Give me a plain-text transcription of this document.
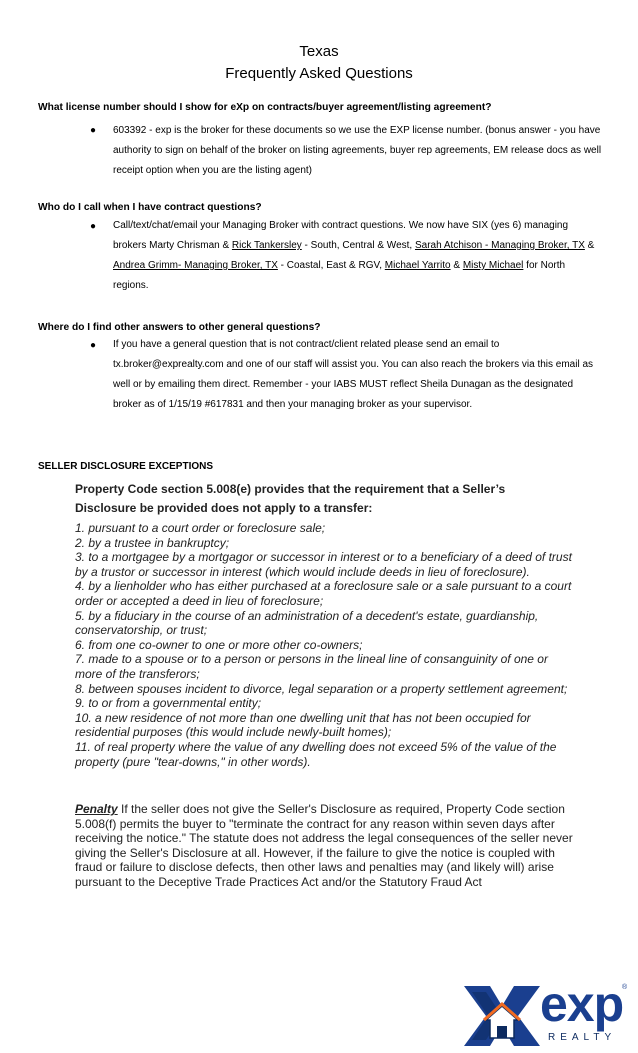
Texas
Frequently Asked Questions
What license number should I show for eXp on contracts/buyer agreement/listing agreement?
● 603392 - exp is the broker for these documents so we use the EXP license number. (bonus answer - you have authority to sign on behalf of the broker on listing agreements, buyer rep agreements, EM release docs as well receipt option when you are the listing agent)
Who do I call when I have contract questions?
● Call/text/chat/email your Managing Broker with contract questions. We now have SIX (yes 6) managing brokers Marty Chrisman & Rick Tankersley - South, Central & West, Sarah Atchison - Managing Broker, TX & Andrea Grimm- Managing Broker, TX - Coastal, East & RGV, Michael Yarrito & Misty Michael for North regions.
Where do I find other answers to other general questions?
● If you have a general question that is not contract/client related please send an email to tx.broker@exprealty.com and one of our staff will assist you. You can also reach the brokers via this email as well or by emailing them direct. Remember - your IABS MUST reflect Sheila Dunagan as the designated broker as of 1/15/19 #617831 and then your managing broker as your supervisor.
SELLER DISCLOSURE EXCEPTIONS
Property Code section 5.008(e) provides that the requirement that a Seller’s Disclosure be provided does not apply to a transfer:
1. pursuant to a court order or foreclosure sale;
2. by a trustee in bankruptcy;
3. to a mortgagee by a mortgagor or successor in interest or to a beneficiary of a deed of trust by a trustor or successor in interest (which would include deeds in lieu of foreclosure).
4. by a lienholder who has either purchased at a foreclosure sale or a sale pursuant to a court order or accepted a deed in lieu of foreclosure;
5. by a fiduciary in the course of an administration of a decedent's estate, guardianship, conservatorship, or trust;
6. from one co-owner to one or more other co-owners;
7. made to a spouse or to a person or persons in the lineal line of consanguinity of one or more of the transferors;
8. between spouses incident to divorce, legal separation or a property settlement agreement;
9. to or from a governmental entity;
10. a new residence of not more than one dwelling unit that has not been occupied for residential purposes (this would include newly-built homes);
11. of real property where the value of any dwelling does not exceed 5% of the value of the property (pure "tear-downs," in other words).
Penalty If the seller does not give the Seller's Disclosure as required, Property Code section 5.008(f) permits the buyer to "terminate the contract for any reason within seven days after receiving the notice." The statute does not address the legal consequences of the seller never giving the Seller's Disclosure at all. However, if the failure to give the notice is coupled with fraud or failure to disclose defects, then other laws and penalties may (and likely will) arise pursuant to the Deceptive Trade Practices Act and/or the Statutory Fraud Act
exp
®
REALTY
